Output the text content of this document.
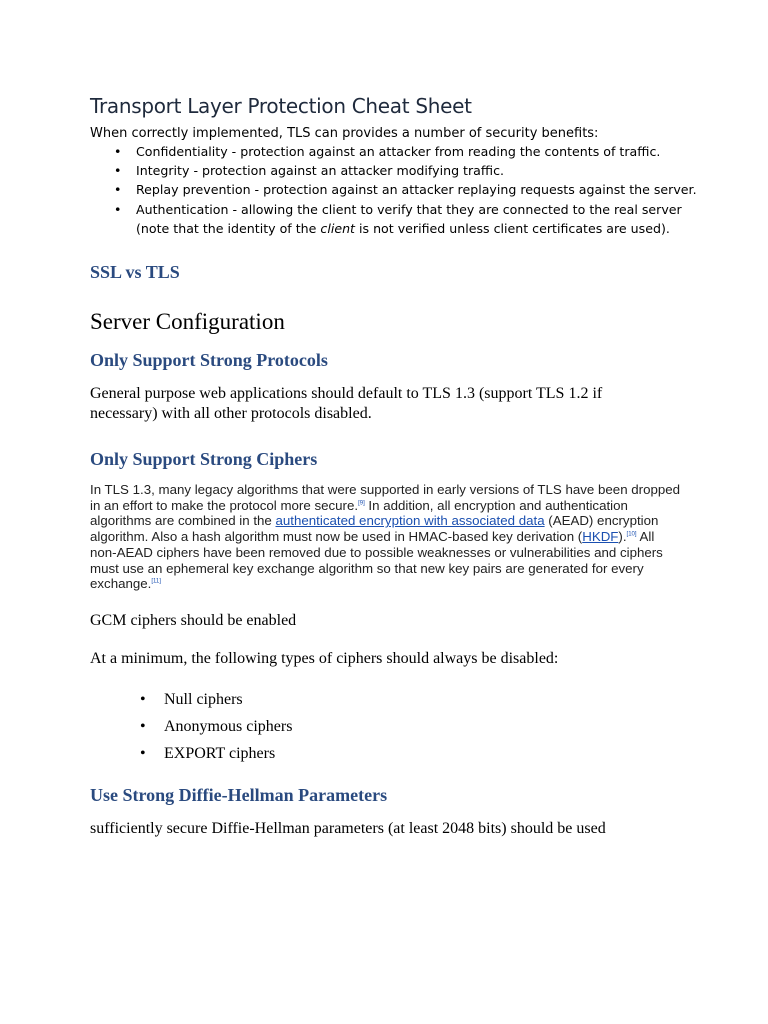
Transport Layer Protection Cheat Sheet
When correctly implemented, TLS can provides a number of security benefits:
• Confidentiality - protection against an attacker from reading the contents of traffic.
• Integrity - protection against an attacker modifying traffic.
• Replay prevention - protection against an attacker replaying requests against the server.
• Authentication - allowing the client to verify that they are connected to the real server
(note that the identity of the client is not verified unless client certificates are used).
SSL vs TLS
Server Configuration
Only Support Strong Protocols
General purpose web applications should default to TLS 1.3 (support TLS 1.2 if
necessary) with all other protocols disabled.
Only Support Strong Ciphers
In TLS 1.3, many legacy algorithms that were supported in early versions of TLS have been dropped
in an effort to make the protocol more secure.[9] In addition, all encryption and authentication
algorithms are combined in the authenticated encryption with associated data (AEAD) encryption
algorithm. Also a hash algorithm must now be used in HMAC-based key derivation (HKDF).[10] All
non-AEAD ciphers have been removed due to possible weaknesses or vulnerabilities and ciphers
must use an ephemeral key exchange algorithm so that new key pairs are generated for every
exchange.[11]
GCM ciphers should be enabled
At a minimum, the following types of ciphers should always be disabled:
• Null ciphers
• Anonymous ciphers
• EXPORT ciphers
Use Strong Diffie-Hellman Parameters
sufficiently secure Diffie-Hellman parameters (at least 2048 bits) should be used
